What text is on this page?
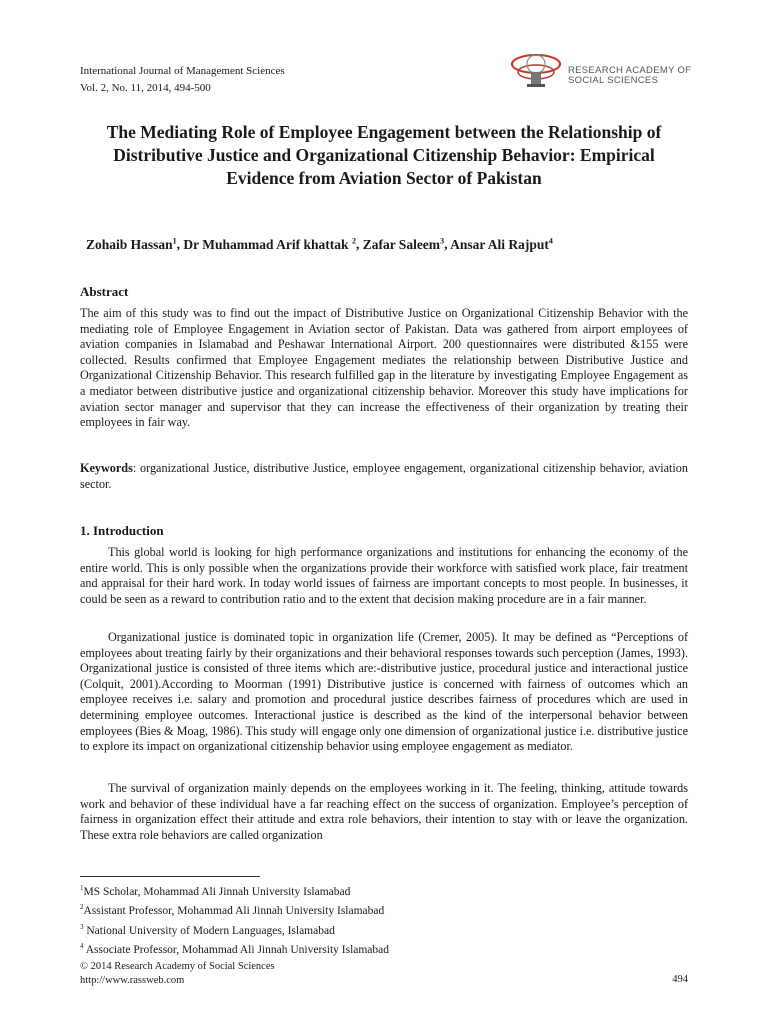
International Journal of Management Sciences
Vol. 2, No. 11, 2014, 494-500
RESEARCH ACADEMY OF
SOCIAL SCIENCES
The Mediating Role of Employee Engagement between the Relationship of Distributive Justice and Organizational Citizenship Behavior: Empirical Evidence from Aviation Sector of Pakistan
Zohaib Hassan$^1$, Dr Muhammad Arif khattak $^2$, Zafar Saleem$^3$, Ansar Ali Rajput$^4$
Abstract

The aim of this study was to find out the impact of Distributive Justice on Organizational Citizenship Behavior with the mediating role of Employee Engagement in Aviation sector of Pakistan. Data was gathered from airport employees of aviation companies in Islamabad and Peshawar International Airport. 200 questionnaires were distributed &155 were collected. Results confirmed that Employee Engagement mediates the relationship between Distributive Justice and Organizational Citizenship Behavior. This research fulfilled gap in the literature by investigating Employee Engagement as a mediator between distributive justice and organizational citizenship behavior. Moreover this study have implications for aviation sector manager and supervisor that they can increase the effectiveness of their organization by treating their employees in fair way.

Keywords: organizational Justice, distributive Justice, employee engagement, organizational citizenship behavior, aviation sector.

1. Introduction

This global world is looking for high performance organizations and institutions for enhancing the economy of the entire world. This is only possible when the organizations provide their workforce with satisfied work place, fair treatment and appraisal for their hard work. In today world issues of fairness are important concepts to most people. In businesses, it could be seen as a reward to contribution ratio and to the extent that decision making procedure are in a fair manner.

Organizational justice is dominated topic in organization life (Cremer, 2005). It may be defined as “Perceptions of employees about treating fairly by their organizations and their behavioral responses towards such perception (James, 1993). Organizational justice is consisted of three items which are:-distributive justice, procedural justice and interactional justice (Colquit, 2001).According to Moorman (1991) Distributive justice is concerned with fairness of outcomes which an employee receives i.e. salary and promotion and procedural justice describes fairness of procedures which are used in determining employee outcomes. Interactional justice is described as the kind of the interpersonal behavior between employees (Bies & Moag, 1986). This study will engage only one dimension of organizational justice i.e. distributive justice to explore its impact on organizational citizenship behavior using employee engagement as mediator.

The survival of organization mainly depends on the employees working in it. The feeling, thinking, attitude towards work and behavior of these individual have a far reaching effect on the success of organization. Employee’s perception of fairness in organization effect their attitude and extra role behaviors, their intention to stay with or leave the organization. These extra role behaviors are called organization

$^1$MS Scholar, Mohammad Ali Jinnah University Islamabad
$^2$Assistant Professor, Mohammad Ali Jinnah University Islamabad
$^3$ National University of Modern Languages, Islamabad
$^4$ Associate Professor, Mohammad Ali Jinnah University Islamabad
© 2014 Research Academy of Social Sciences
http://www.rassweb.com	494
